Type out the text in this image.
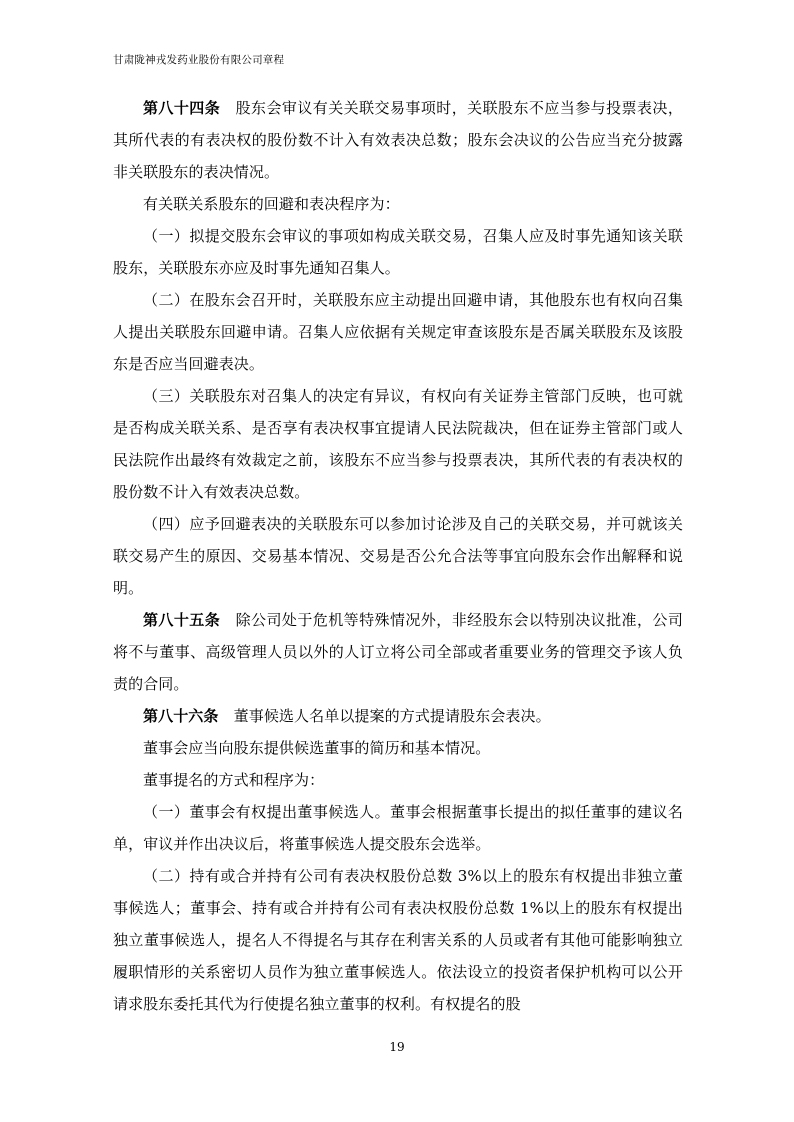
甘肃陇神戎发药业股份有限公司章程

第八十四条　股东会审议有关关联交易事项时，关联股东不应当参与投票表决，其所代表的有表决权的股份数不计入有效表决总数；股东会决议的公告应当充分披露非关联股东的表决情况。

有关联关系股东的回避和表决程序为：

（一）拟提交股东会审议的事项如构成关联交易，召集人应及时事先通知该关联股东，关联股东亦应及时事先通知召集人。

（二）在股东会召开时，关联股东应主动提出回避申请，其他股东也有权向召集人提出关联股东回避申请。召集人应依据有关规定审查该股东是否属关联股东及该股东是否应当回避表决。

（三）关联股东对召集人的决定有异议，有权向有关证券主管部门反映，也可就是否构成关联关系、是否享有表决权事宜提请人民法院裁决，但在证券主管部门或人民法院作出最终有效裁定之前，该股东不应当参与投票表决，其所代表的有表决权的股份数不计入有效表决总数。

（四）应予回避表决的关联股东可以参加讨论涉及自己的关联交易，并可就该关联交易产生的原因、交易基本情况、交易是否公允合法等事宜向股东会作出解释和说明。

第八十五条　除公司处于危机等特殊情况外，非经股东会以特别决议批准，公司将不与董事、高级管理人员以外的人订立将公司全部或者重要业务的管理交予该人负责的合同。

第八十六条　董事候选人名单以提案的方式提请股东会表决。

董事会应当向股东提供候选董事的简历和基本情况。

董事提名的方式和程序为：

（一）董事会有权提出董事候选人。董事会根据董事长提出的拟任董事的建议名单，审议并作出决议后，将董事候选人提交股东会选举。

（二）持有或合并持有公司有表决权股份总数 3%以上的股东有权提出非独立董事候选人；董事会、持有或合并持有公司有表决权股份总数 1%以上的股东有权提出独立董事候选人，提名人不得提名与其存在利害关系的人员或者有其他可能影响独立履职情形的关系密切人员作为独立董事候选人。依法设立的投资者保护机构可以公开请求股东委托其代为行使提名独立董事的权利。有权提名的股

19
